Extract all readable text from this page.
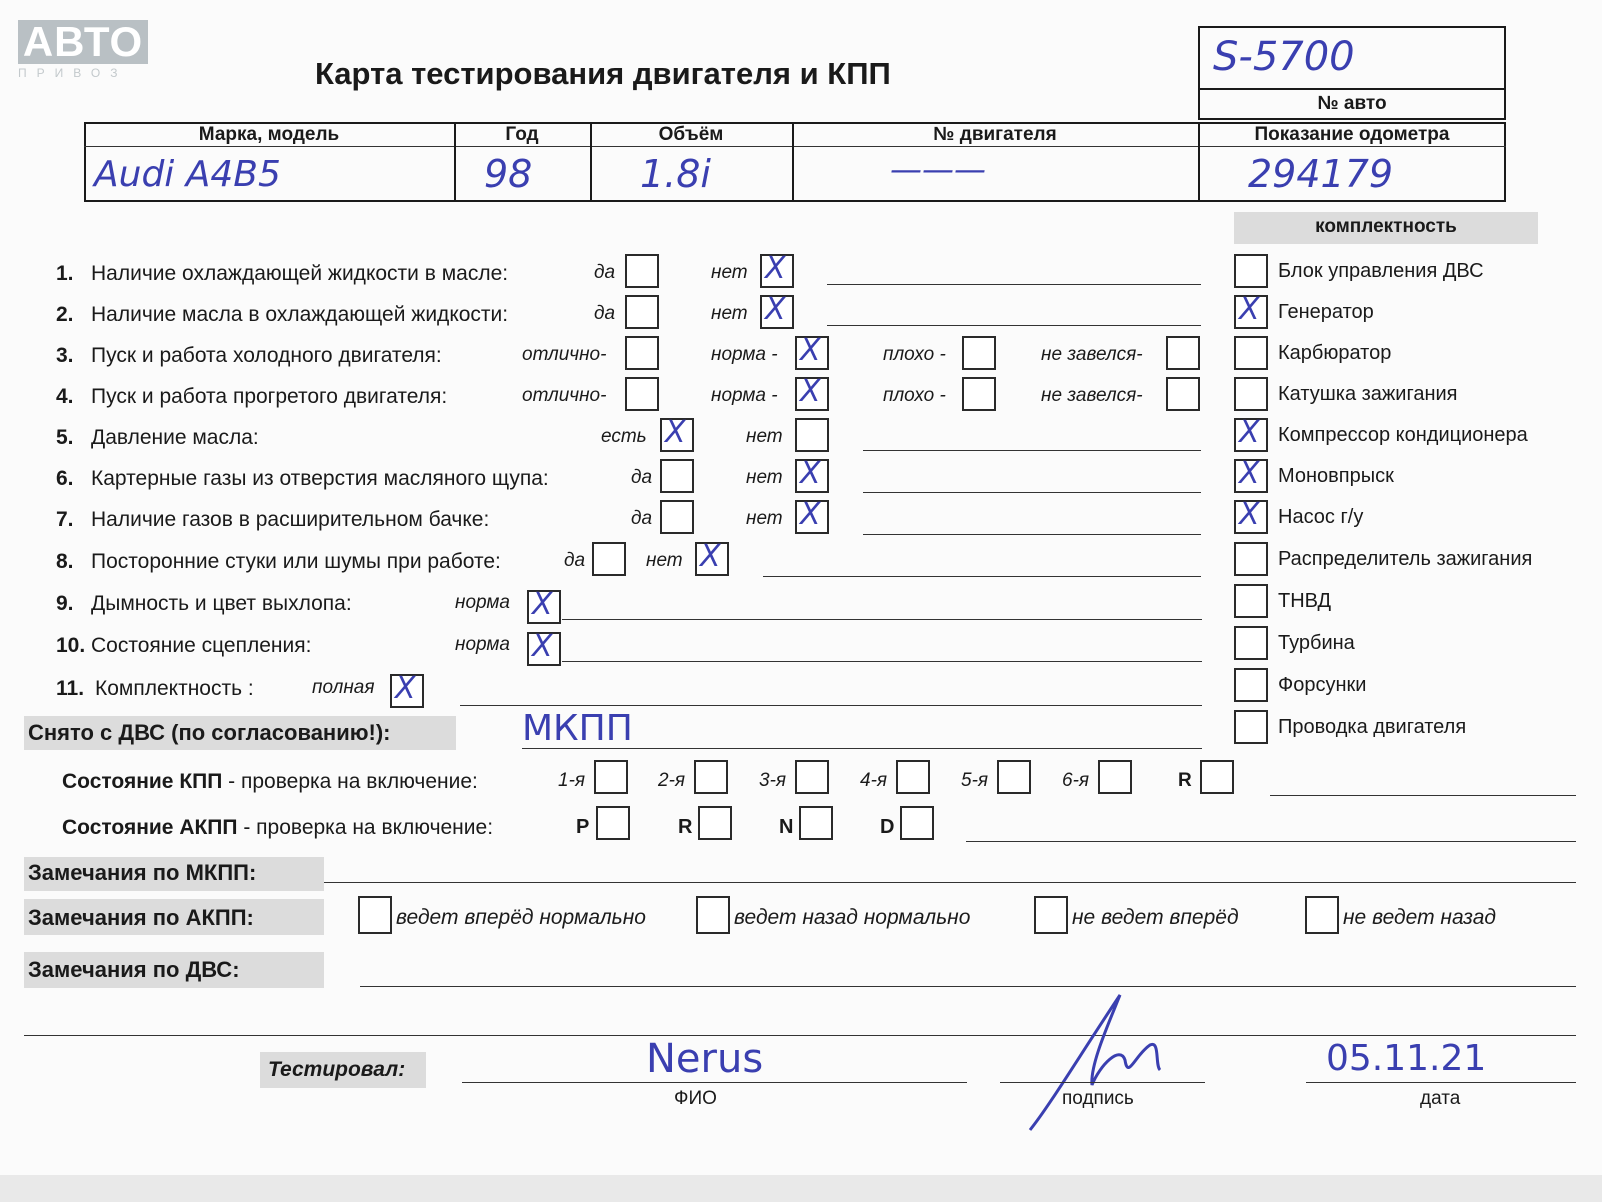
АВТО
ПРИВОЗ	Карта тестирования двигателя и КПП	S-5700
№ авто
Марка, модель	Год	Объём	№ двигателя	Показание одометра
Audi A4B5	98	1.8i	———	294179
комплектность
1. Наличие охлаждающей жидкости в масле:	да	нет X
2. Наличие масла в охлаждающей жидкости:	да	нет X
3. Пуск и работа холодного двигателя:	отлично-	норма - X	плохо -	не завелся-
4. Пуск и работа прогретого двигателя:	отлично-	норма - X	плохо -	не завелся-
5. Давление масла:	есть X	нет
6. Картерные газы из отверстия масляного щупа:	да	нет X
7. Наличие газов в расширительном бачке:	да	нет X
8. Посторонние стуки или шумы при работе:	да	нет X
9. Дымность и цвет выхлопа:	норма X
10. Состояние сцепления:	норма X
11. Комплектность :	полная X
Блок управления ДВС
X Генератор
Карбюратор
Катушка зажигания
X Компрессор кондиционера
X Моновпрыск
X Насос г/у
Распределитель зажигания
ТНВД
Турбина
Форсунки
Проводка двигателя
Снято с ДВС (по согласованию!):	МКПП
Состояние КПП - проверка на включение:	1-я	2-я	3-я	4-я	5-я	6-я	R
Состояние АКПП - проверка на включение:	P	R	N	D
Замечания по МКПП:
Замечания по АКПП:	ведет вперёд нормально	ведет назад нормально	не ведет вперёд	не ведет назад
Замечания по ДВС:
Тестировал:	Nerus
ФИО	подпись
05.11.21
дата
